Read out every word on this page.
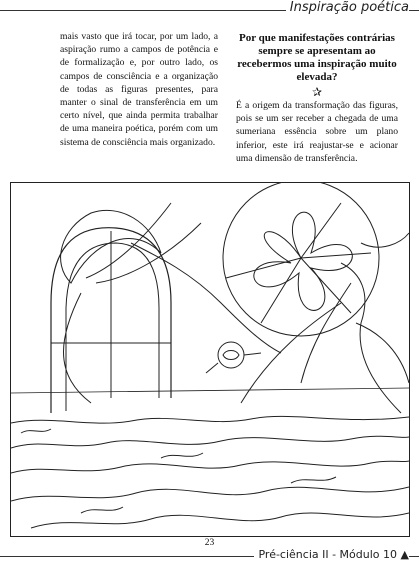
Inspiração poética
mais vasto que irá tocar, por um lado, a aspiração rumo a campos de potência e de formalização e, por outro lado, os campos de consciência e a organização de todas as figuras presentes, para manter o sinal de transferência em um certo nível, que ainda permita trabalhar de uma maneira poética, porém com um sistema de consciência mais organizado.

Por que manifestações contrárias sempre se apresentam ao recebermos uma inspiração muito elevada?

✰

É a origem da transformação das figuras, pois se um ser receber a chegada de uma sumeriana essência sobre um plano inferior, este irá reajustar-se e acionar uma dimensão de transferência.

23
Pré-ciência II - Módulo 10 ▲
